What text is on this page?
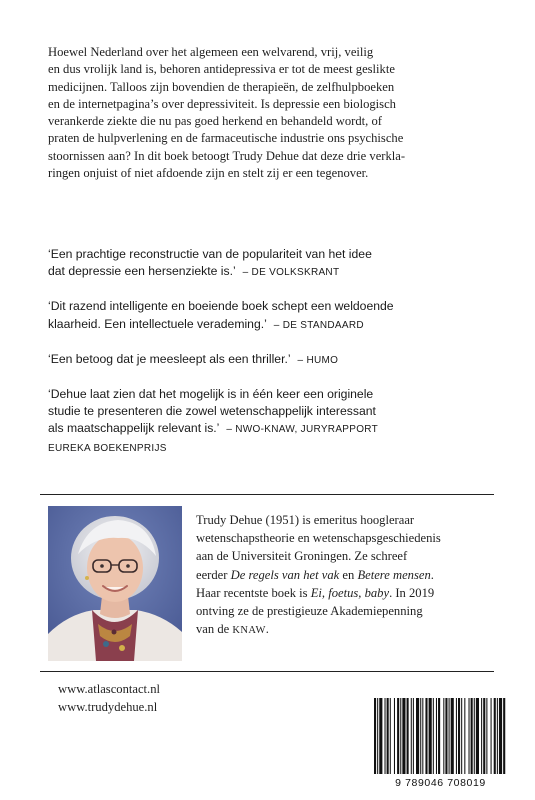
Hoewel Nederland over het algemeen een welvarend, vrij, veilig
en dus vrolijk land is, behoren antidepressiva er tot de meest geslikte
medicijnen. Talloos zijn bovendien de therapieën, de zelfhulpboeken
en de internetpagina’s over depressiviteit. Is depressie een biologisch
verankerde ziekte die nu pas goed herkend en behandeld wordt, of
praten de hulpverlening en de farmaceutische industrie ons psychische
stoornissen aan? In dit boek betoogt Trudy Dehue dat deze drie verkla-
ringen onjuist of niet afdoende zijn en stelt zij er een tegenover.

‘Een prachtige reconstructie van de populariteit van het idee
dat depressie een hersenziekte is.’ – DE VOLKSKRANT

‘Dit razend intelligente en boeiende boek schept een weldoende
klaarheid. Een intellectuele verademing.’ – DE STANDAARD

‘Een betoog dat je meesleept als een thriller.’ – HUMO

‘Dehue laat zien dat het mogelijk is in één keer een originele
studie te presenteren die zowel wetenschappelijk interessant
als maatschappelijk relevant is.’ – NWO-KNAW, JURYRAPPORT
EUREKA BOEKENPRIJS

Trudy Dehue (1951) is emeritus hoogleraar
wetenschapstheorie en wetenschapsgeschiedenis
aan de Universiteit Groningen. Ze schreef
eerder De regels van het vak en Betere mensen.
Haar recentste boek is Ei, foetus, baby. In 2019
ontving ze de prestigieuze Akademiepenning
van de KNAW.

www.atlascontact.nl
www.trudydehue.nl
9 789046 708019
